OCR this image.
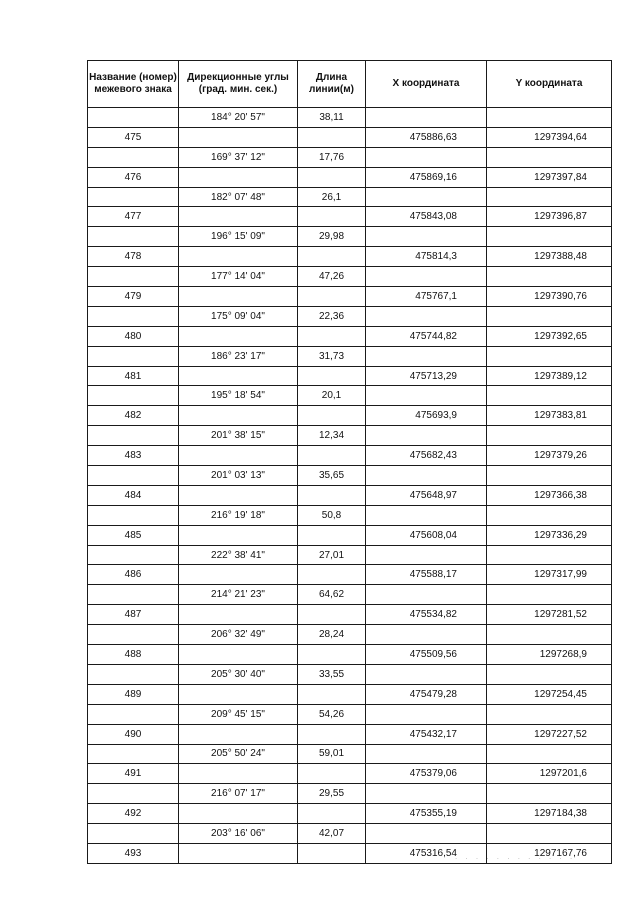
Название (номер) межевого знака	Дирекционные углы (град. мин. сек.)	Длина линии(м)	X координата	Y координата
	184° 20' 57"	38,11		
475			475886,63	1297394,64
	169° 37' 12"	17,76		
476			475869,16	1297397,84
	182° 07' 48"	26,1		
477			475843,08	1297396,87
	196° 15' 09"	29,98		
478			475814,3	1297388,48
	177° 14' 04"	47,26		
479			475767,1	1297390,76
	175° 09' 04"	22,36		
480			475744,82	1297392,65
	186° 23' 17"	31,73		
481			475713,29	1297389,12
	195° 18' 54"	20,1		
482			475693,9	1297383,81
	201° 38' 15"	12,34		
483			475682,43	1297379,26
	201° 03' 13"	35,65		
484			475648,97	1297366,38
	216° 19' 18"	50,8		
485			475608,04	1297336,29
	222° 38' 41"	27,01		
486			475588,17	1297317,99
	214° 21' 23"	64,62		
487			475534,82	1297281,52
	206° 32' 49"	28,24		
488			475509,56	1297268,9
	205° 30' 40"	33,55		
489			475479,28	1297254,45
	209° 45' 15"	54,26		
490			475432,17	1297227,52
	205° 50' 24"	59,01		
491			475379,06	1297201,6
	216° 07' 17"	29,55		
492			475355,19	1297184,38
	203° 16' 06"	42,07		
493			475316,54	1297167,76
· · · · · · · · · · · ·
